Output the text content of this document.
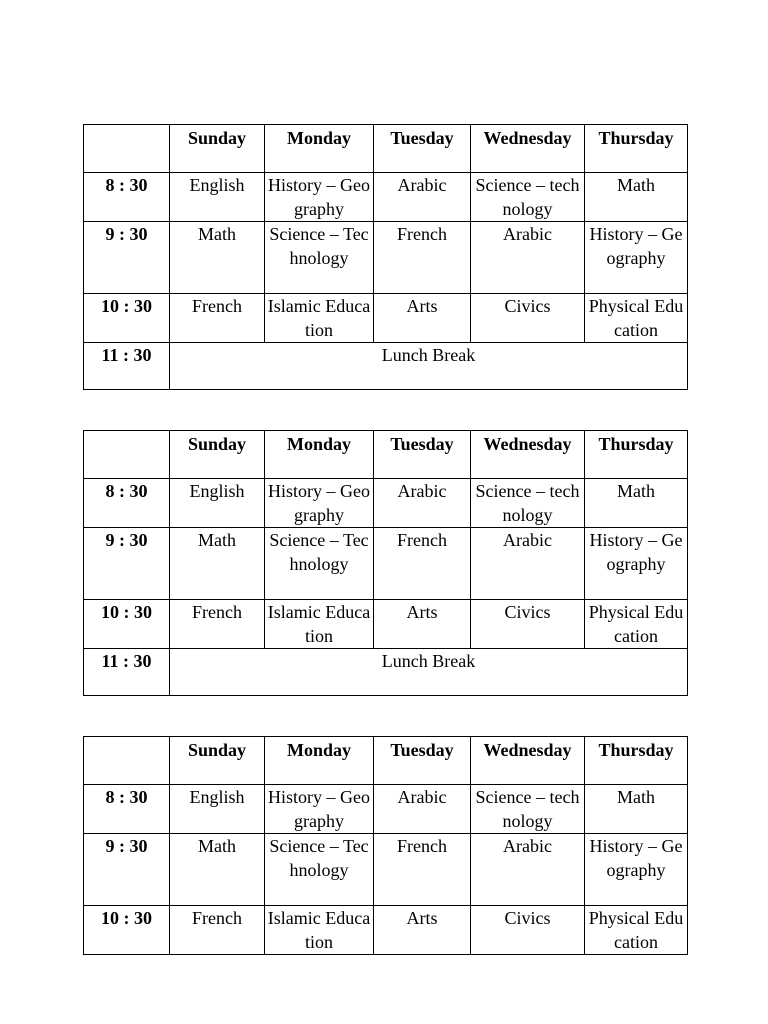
	Sunday	Monday	Tuesday	Wednesday	Thursday
8 : 30	English	History – Geography	Arabic	Science – technology	Math

9 : 30	Math	Science – Technology	French	Arabic	History – Geography

10 : 30	French	Islamic Education	Arts	Civics	Physical Education

11 : 30	Lunch Break				
	Sunday	Monday	Tuesday	Wednesday	Thursday
8 : 30	English	History – Geography	Arabic	Science – technology	Math

9 : 30	Math	Science – Technology	French	Arabic	History – Geography

10 : 30	French	Islamic Education	Arts	Civics	Physical Education

11 : 30	Lunch Break				
	Sunday	Monday	Tuesday	Wednesday	Thursday
8 : 30	English	History – Geography	Arabic	Science – technology	Math

9 : 30	Math	Science – Technology	French	Arabic	History – Geography

10 : 30	French	Islamic Education	Arts	Civics	Physical Education
